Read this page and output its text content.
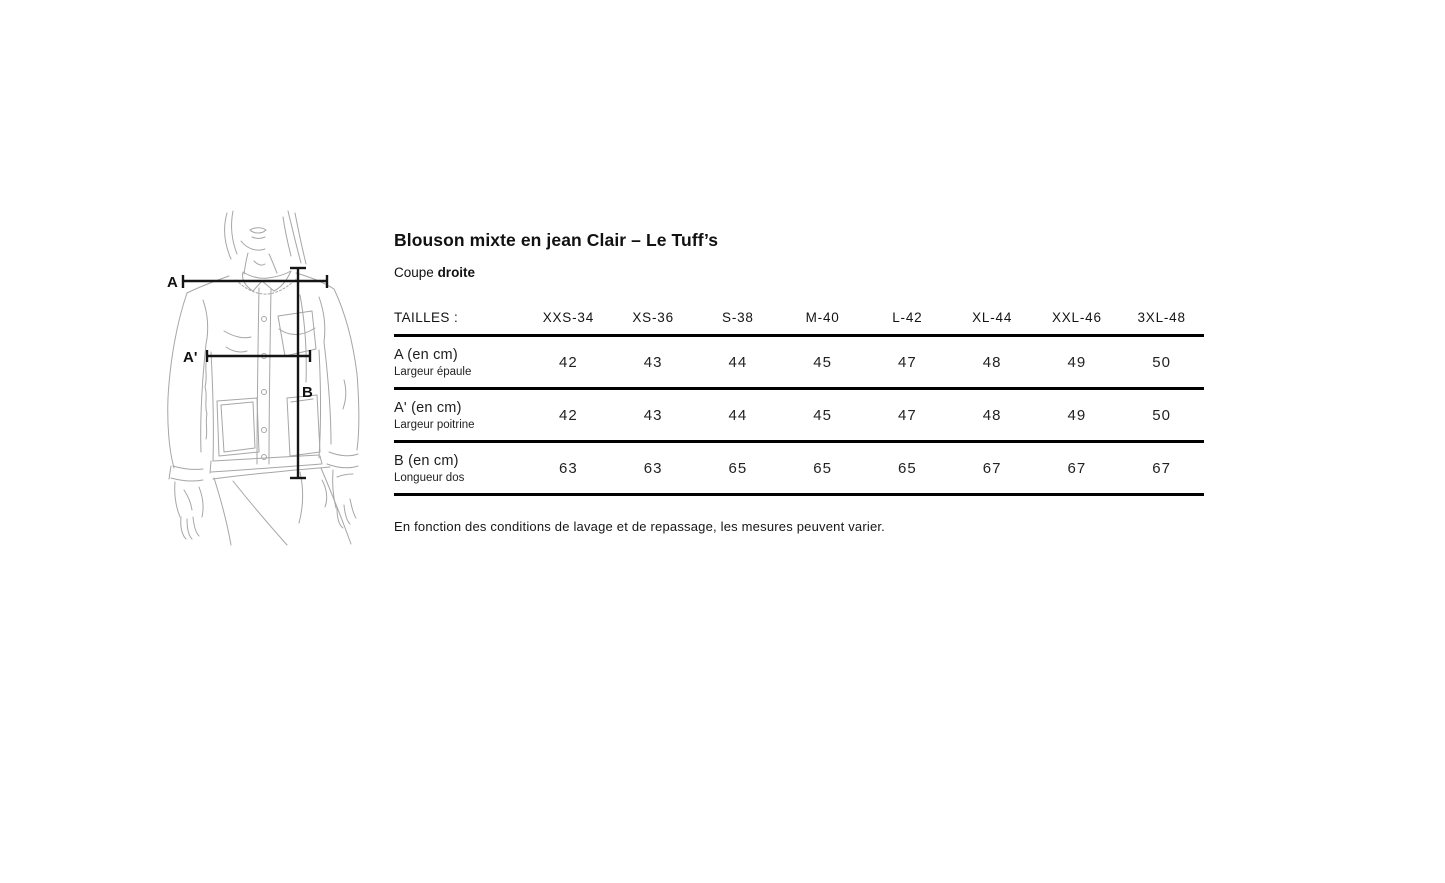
A
A'
B
Blouson mixte en jean Clair – Le Tuff’s

Coupe droite

TAILLES :	XXS-34	XS-36	S-38	M-40	L-42	XL-44	XXL-46	3XL-48
A (en cm)
Largeur épaule
42	43	44	45	47	48	49	50
A' (en cm)
Largeur poitrine
42	43	44	45	47	48	49	50
B (en cm)
Longueur dos
63	63	65	65	65	67	67	67

En fonction des conditions de lavage et de repassage, les mesures peuvent varier.
